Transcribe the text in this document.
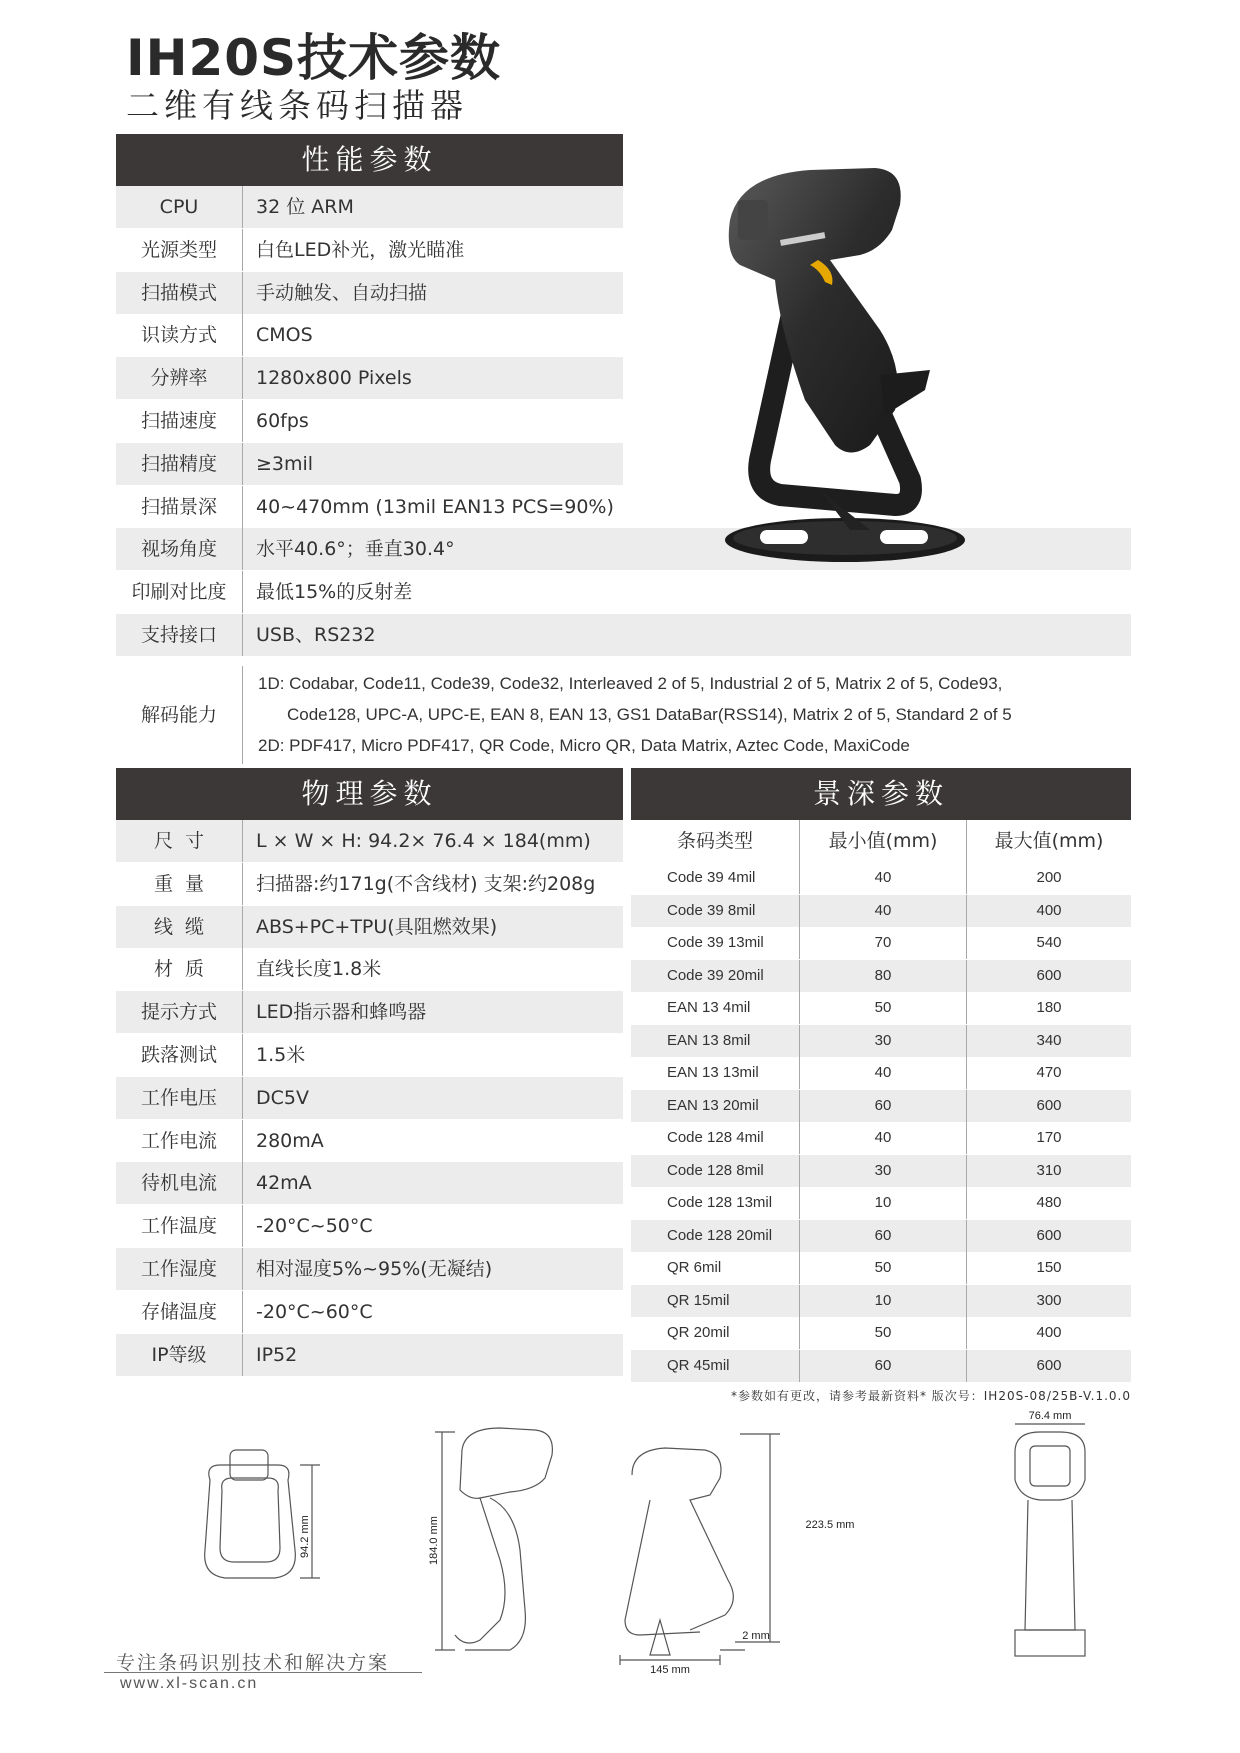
IH20S技术参数
二维有线条码扫描器
性能参数
CPU	32 位 ARM
光源类型	白色LED补光，激光瞄准
扫描模式	手动触发、自动扫描
识读方式	CMOS
分辨率	1280x800 Pixels
扫描速度	60fps
扫描精度	≥3mil
扫描景深	40~470mm (13mil EAN13 PCS=90%)
视场角度	水平40.6°；垂直30.4°
印刷对比度	最低15%的反射差
支持接口	USB、RS232
解码能力
1D: Codabar, Code11, Code39, Code32, Interleaved 2 of 5, Industrial 2 of 5, Matrix 2 of 5, Code93,
Code128, UPC-A, UPC-E, EAN 8, EAN 13, GS1 DataBar(RSS14), Matrix 2 of 5, Standard 2 of 5
2D: PDF417, Micro PDF417, QR Code, Micro QR, Data Matrix, Aztec Code, MaxiCode
物理参数
尺  寸	L × W × H: 94.2× 76.4 × 184(mm)
重  量	扫描器:约171g(不含线材) 支架:约208g
线  缆	ABS+PC+TPU(具阻燃效果)
材  质	直线长度1.8米
提示方式	LED指示器和蜂鸣器
跌落测试	1.5米
工作电压	DC5V
工作电流	280mA
待机电流	42mA
工作温度	-20°C~50°C
工作湿度	相对湿度5%~95%(无凝结)
存储温度	-20°C~60°C
IP等级	IP52
景深参数
条码类型	最小值(mm)	最大值(mm)
Code 39 4mil	40	200
Code 39 8mil	40	400
Code 39 13mil	70	540
Code 39 20mil	80	600
EAN 13 4mil	50	180
EAN 13 8mil	30	340
EAN 13 13mil	40	470
EAN 13 20mil	60	600
Code 128 4mil	40	170
Code 128 8mil	30	310
Code 128 13mil	10	480
Code 128 20mil	60	600
QR 6mil	50	150
QR 15mil	10	300
QR 20mil	50	400
QR 45mil	60	600
*参数如有更改，请参考最新资料* 版次号：IH20S-08/25B-V.1.0.0
94.2 mm	184.0 mm	223.5 mm
2 mm
145 mm
76.4 mm
专注条码识别技术和解决方案
www.xl-scan.cn
